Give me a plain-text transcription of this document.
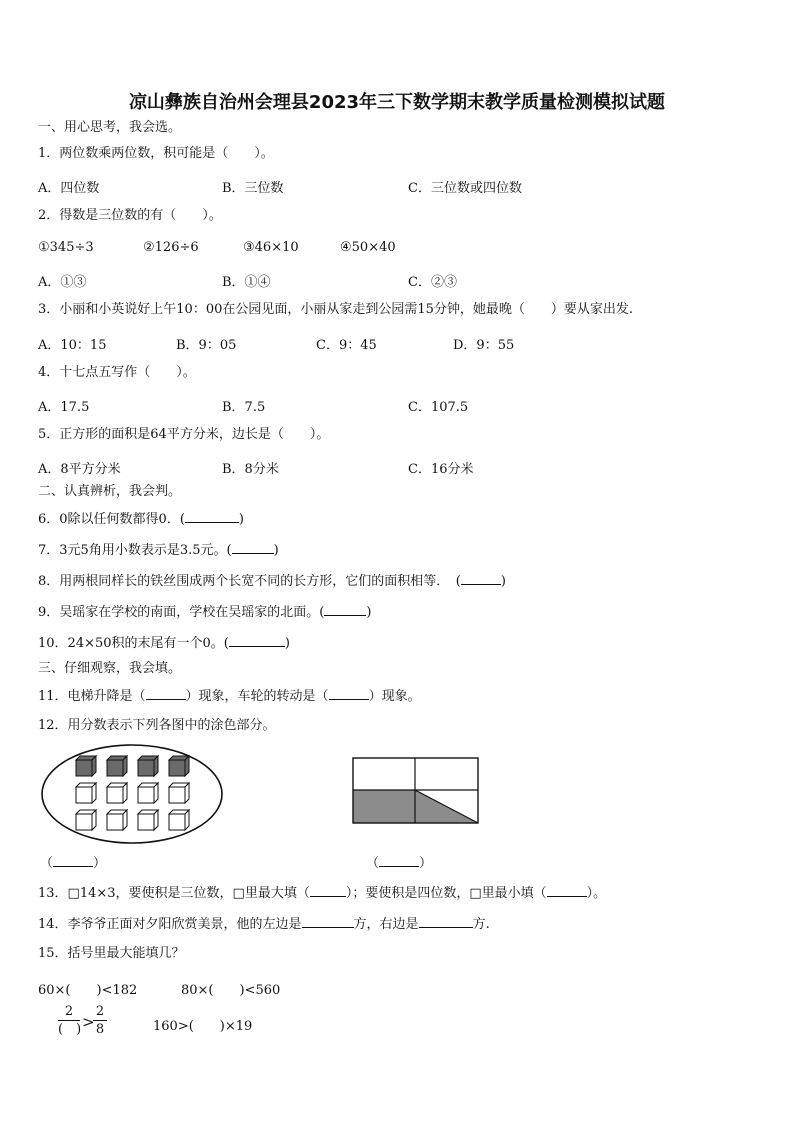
凉山彝族自治州会理县2023年三下数学期末教学质量检测模拟试题
一、用心思考，我会选。
1．两位数乘两位数，积可能是（　　）。
A．四位数	B．三位数	C．三位数或四位数
2．得数是三位数的有（　　）。
①345÷3	②126÷6	③46×10	④50×40
A．①③	B．①④	C．②③
3．小丽和小英说好上午10：00在公园见面，小丽从家走到公园需15分钟，她最晚（　　）要从家出发.
A．10：15	B．9：05	C．9：45	D．9：55
4．十七点五写作（　　）。
A．17.5	B．7.5	C．107.5
5．正方形的面积是64平方分米，边长是（　　）。
A．8平方分米	B．8分米	C．16分米
二、认真辨析，我会判。
6．0除以任何数都得0．(	)
7．3元5角用小数表示是3.5元。(	)
8．用两根同样长的铁丝围成两个长宽不同的长方形，它们的面积相等．　(	)
9．吴瑶家在学校的南面，学校在吴瑶家的北面。(	)
10．24×50积的末尾有一个0。(	)
三、仔细观察，我会填。
11．电梯升降是（	）现象，车轮的转动是（	）现象。
12．用分数表示下列各图中的涂色部分。
（	）	（	）
13．□14×3，要使积是三位数，□里最大填（	）；要使积是四位数，□里最小填（	）。
14．李爷爷正面对夕阳欣赏美景，他的左边是	方，右边是	方.
15．括号里最大能填几？
60×(　　)<182	80×(　　)<560
2
(　) >
$\frac{2}{8}$	160>(　　)×19
